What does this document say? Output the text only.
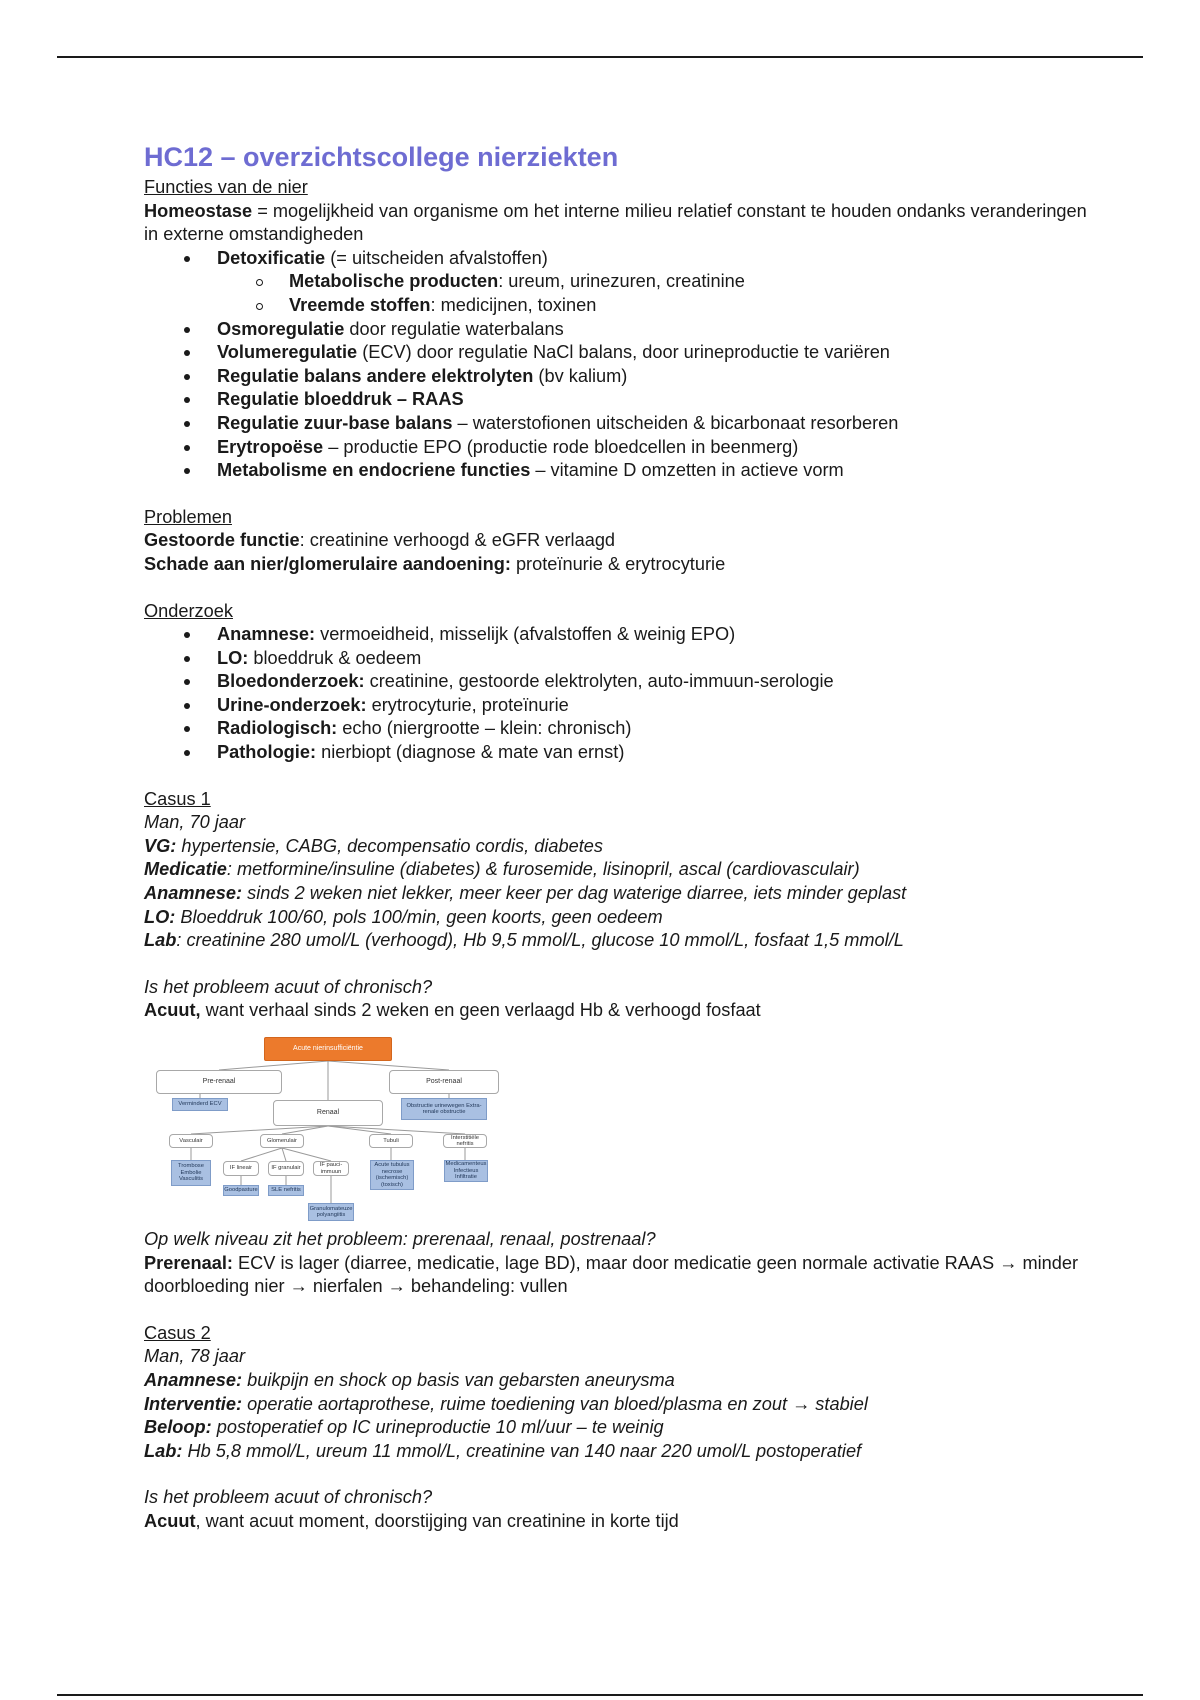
HC12 – overzichtscollege nierziekten

Functies van de nier

Homeostase = mogelijkheid van organisme om het interne milieu relatief constant te houden ondanks veranderingen in externe omstandigheden

Detoxificatie (= uitscheiden afvalstoffen)
Metabolische producten: ureum, urinezuren, creatinine
Vreemde stoffen: medicijnen, toxinen
Osmoregulatie door regulatie waterbalans
Volumeregulatie (ECV) door regulatie NaCl balans, door urineproductie te variëren
Regulatie balans andere elektrolyten (bv kalium)
Regulatie bloeddruk – RAAS
Regulatie zuur-base balans – waterstofionen uitscheiden & bicarbonaat resorberen
Erytropoëse – productie EPO (productie rode bloedcellen in beenmerg)
Metabolisme en endocriene functies – vitamine D omzetten in actieve vorm

Problemen

Gestoorde functie: creatinine verhoogd & eGFR verlaagd

Schade aan nier/glomerulaire aandoening: proteïnurie & erytrocyturie

Onderzoek

Anamnese: vermoeidheid, misselijk (afvalstoffen & weinig EPO)
LO: bloeddruk & oedeem
Bloedonderzoek: creatinine, gestoorde elektrolyten, auto-immuun-serologie
Urine-onderzoek: erytrocyturie, proteïnurie
Radiologisch: echo (niergrootte – klein: chronisch)
Pathologie: nierbiopt (diagnose & mate van ernst)

Casus 1

Man, 70 jaar

VG: hypertensie, CABG, decompensatio cordis, diabetes

Medicatie: metformine/insuline (diabetes) & furosemide, lisinopril, ascal (cardiovasculair)

Anamnese: sinds 2 weken niet lekker, meer keer per dag waterige diarree, iets minder geplast

LO: Bloeddruk 100/60, pols 100/min, geen koorts, geen oedeem

Lab: creatinine 280 umol/L (verhoogd), Hb 9,5 mmol/L, glucose 10 mmol/L, fosfaat 1,5 mmol/L

Is het probleem acuut of chronisch?

Acuut, want verhaal sinds 2 weken en geen verlaagd Hb & verhoogd fosfaat

Acute nierinsufficiëntie
Pre-renaal	Post-renaal
Verminderd ECV	Obstructie urinewegen Extra-renale obstructie
Renaal
Vasculair	Glomerulair	Tubuli
Interstitiële nefritis
Trombose Embolie Vasculitis
IF lineair	IF granulair
IF pauci-immuun
Acute tubulus necrose (ischemisch) (toxisch)
Medicamenteus Infectieus Infiltratie
Goodpasture	SLE nefritis
Granulomateuze polyangiitis

Op welk niveau zit het probleem: prerenaal, renaal, postrenaal?

Prerenaal: ECV is lager (diarree, medicatie, lage BD), maar door medicatie geen normale activatie RAAS → minder doorbloeding nier → nierfalen → behandeling: vullen

Casus 2

Man, 78 jaar

Anamnese: buikpijn en shock op basis van gebarsten aneurysma

Interventie: operatie aortaprothese, ruime toediening van bloed/plasma en zout → stabiel

Beloop: postoperatief op IC urineproductie 10 ml/uur – te weinig

Lab: Hb 5,8 mmol/L, ureum 11 mmol/L, creatinine van 140 naar 220 umol/L postoperatief

Is het probleem acuut of chronisch?

Acuut, want acuut moment, doorstijging van creatinine in korte tijd
